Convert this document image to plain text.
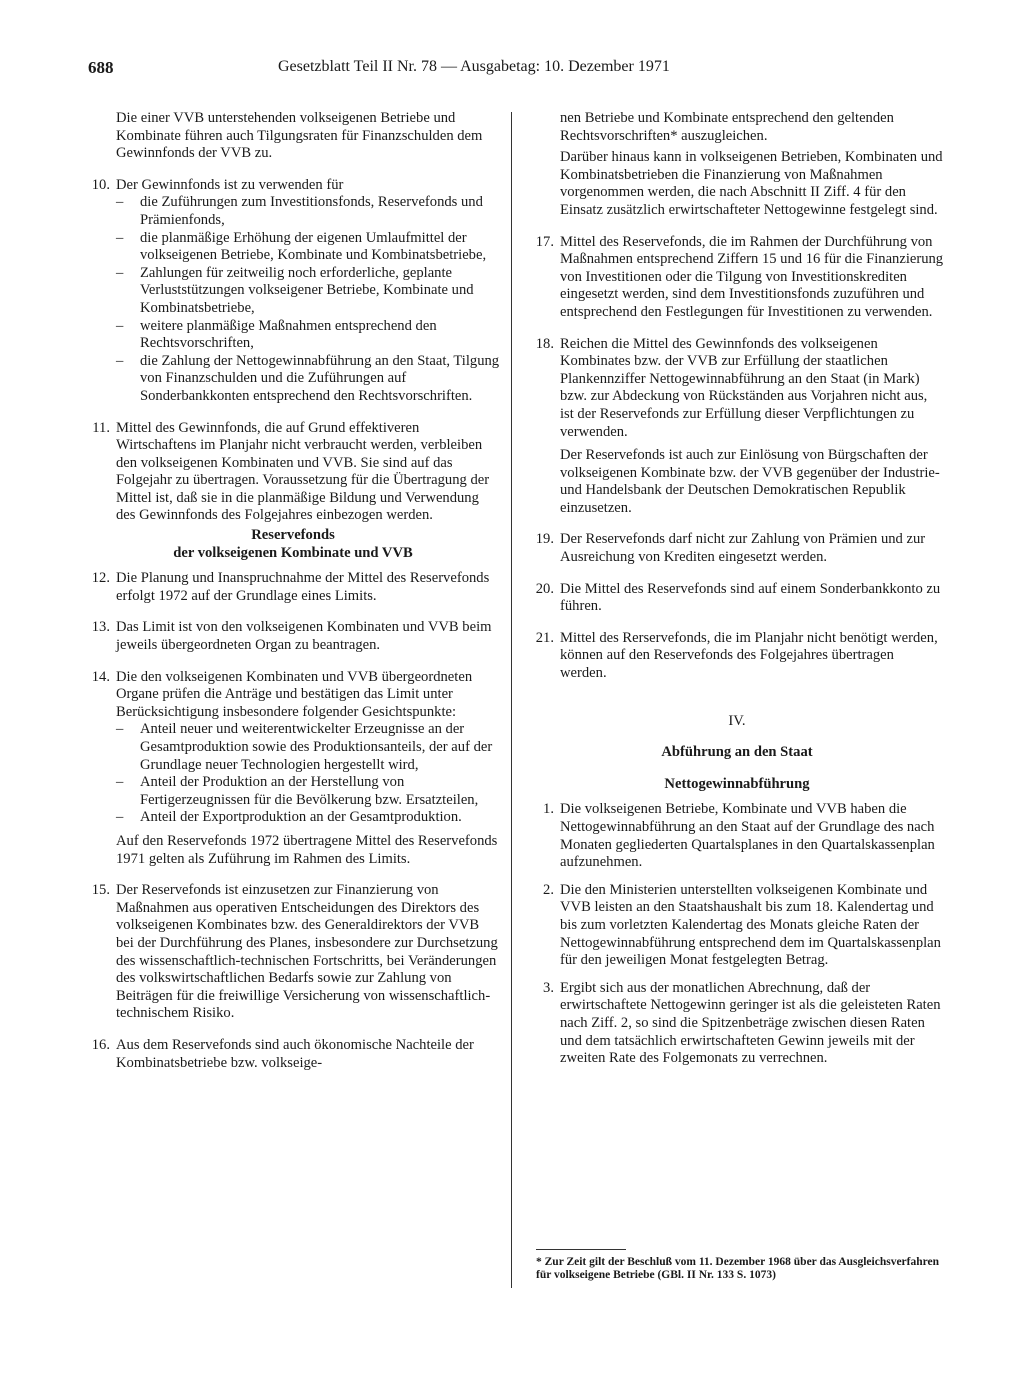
688	Gesetzblatt Teil II Nr. 78 — Ausgabetag: 10. Dezember 1971

Die einer VVB unterstehenden volkseigenen Betriebe und Kombinate führen auch Tilgungsraten für Finanzschulden dem Gewinnfonds der VVB zu.

10. Der Gewinnfonds ist zu verwenden für

– die Zuführungen zum Investitionsfonds, Reservefonds und Prämienfonds,
– die planmäßige Erhöhung der eigenen Umlaufmittel der volkseigenen Betriebe, Kombinate und Kombinatsbetriebe,
– Zahlungen für zeitweilig noch erforderliche, geplante Verluststützungen volkseigener Betriebe, Kombinate und Kombinatsbetriebe,
– weitere planmäßige Maßnahmen entsprechend den Rechtsvorschriften,
– die Zahlung der Nettogewinnabführung an den Staat, Tilgung von Finanzschulden und die Zuführungen auf Sonderbankkonten entsprechend den Rechtsvorschriften.
11. Mittel des Gewinnfonds, die auf Grund effektiveren Wirtschaftens im Planjahr nicht verbraucht werden, verbleiben den volkseigenen Kombinaten und VVB. Sie sind auf das Folgejahr zu übertragen. Voraussetzung für die Übertragung der Mittel ist, daß sie in die planmäßige Bildung und Verwendung des Gewinnfonds des Folgejahres einbezogen werden.

Reservefonds

der volkseigenen Kombinate und VVB

12. Die Planung und Inanspruchnahme der Mittel des Reservefonds erfolgt 1972 auf der Grundlage eines Limits.

13. Das Limit ist von den volkseigenen Kombinaten und VVB beim jeweils übergeordneten Organ zu beantragen.

14. Die den volkseigenen Kombinaten und VVB übergeordneten Organe prüfen die Anträge und bestätigen das Limit unter Berücksichtigung insbesondere folgender Gesichtspunkte:

– Anteil neuer und weiterentwickelter Erzeugnisse an der Gesamtproduktion sowie des Produktionsanteils, der auf der Grundlage neuer Technologien hergestellt wird,
– Anteil der Produktion an der Herstellung von Fertigerzeugnissen für die Bevölkerung bzw. Ersatzteilen,
– Anteil der Exportproduktion an der Gesamtproduktion.

Auf den Reservefonds 1972 übertragene Mittel des Reservefonds 1971 gelten als Zuführung im Rahmen des Limits.

15. Der Reservefonds ist einzusetzen zur Finanzierung von Maßnahmen aus operativen Entscheidungen des Direktors des volkseigenen Kombinates bzw. des Generaldirektors der VVB bei der Durchführung des Planes, insbesondere zur Durchsetzung des wissenschaftlich-technischen Fortschritts, bei Veränderungen des volkswirtschaftlichen Bedarfs sowie zur Zahlung von Beiträgen für die freiwillige Versicherung von wissenschaftlich-technischem Risiko.

16. Aus dem Reservefonds sind auch ökonomische Nachteile der Kombinatsbetriebe bzw. volkseige-

nen Betriebe und Kombinate entsprechend den geltenden Rechtsvorschriften* auszugleichen.

Darüber hinaus kann in volkseigenen Betrieben, Kombinaten und Kombinatsbetrieben die Finanzierung von Maßnahmen vorgenommen werden, die nach Abschnitt II Ziff. 4 für den Einsatz zusätzlich erwirtschafteter Nettogewinne festgelegt sind.

17. Mittel des Reservefonds, die im Rahmen der Durchführung von Maßnahmen entsprechend Ziffern 15 und 16 für die Finanzierung von Investitionen oder die Tilgung von Investitionskrediten eingesetzt werden, sind dem Investitionsfonds zuzuführen und entsprechend den Festlegungen für Investitionen zu verwenden.

18. Reichen die Mittel des Gewinnfonds des volkseigenen Kombinates bzw. der VVB zur Erfüllung der staatlichen Plankennziffer Nettogewinnabführung an den Staat (in Mark) bzw. zur Abdeckung von Rückständen aus Vorjahren nicht aus, ist der Reservefonds zur Erfüllung dieser Verpflichtungen zu verwenden.

Der Reservefonds ist auch zur Einlösung von Bürgschaften der volkseigenen Kombinate bzw. der VVB gegenüber der Industrie- und Handelsbank der Deutschen Demokratischen Republik einzusetzen.

19. Der Reservefonds darf nicht zur Zahlung von Prämien und zur Ausreichung von Krediten eingesetzt werden.

20. Die Mittel des Reservefonds sind auf einem Sonderbankkonto zu führen.

21. Mittel des Rerservefonds, die im Planjahr nicht benötigt werden, können auf den Reservefonds des Folgejahres übertragen werden.

IV.

Abführung an den Staat

Nettogewinnabführung

1. Die volkseigenen Betriebe, Kombinate und VVB haben die Nettogewinnabführung an den Staat auf der Grundlage des nach Monaten gegliederten Quartalsplanes in den Quartalskassenplan aufzunehmen.

2. Die den Ministerien unterstellten volkseigenen Kombinate und VVB leisten an den Staatshaushalt bis zum 18. Kalendertag und bis zum vorletzten Kalendertag des Monats gleiche Raten der Nettogewinnabführung entsprechend dem im Quartalskassenplan für den jeweiligen Monat festgelegten Betrag.

3. Ergibt sich aus der monatlichen Abrechnung, daß der erwirtschaftete Nettogewinn geringer ist als die geleisteten Raten nach Ziff. 2, so sind die Spitzenbeträge zwischen diesen Raten und dem tatsächlich erwirtschafteten Gewinn jeweils mit der zweiten Rate des Folgemonats zu verrechnen.

* Zur Zeit gilt der Beschluß vom 11. Dezember 1968 über das Ausgleichsverfahren für volkseigene Betriebe (GBl. II Nr. 133 S. 1073)
